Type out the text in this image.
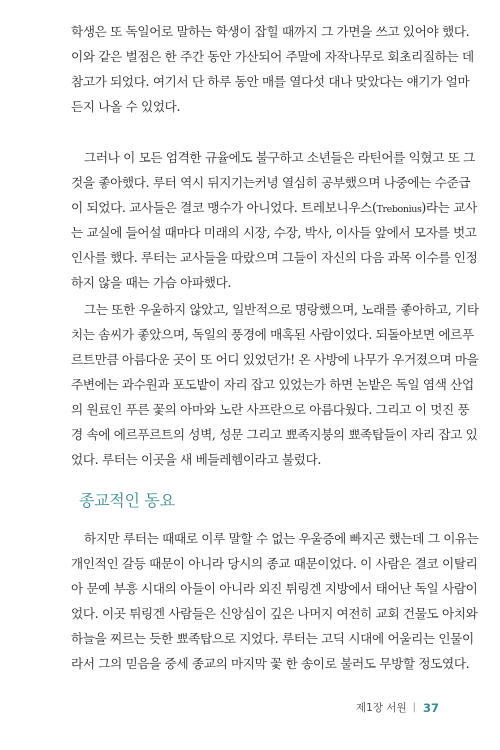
학생은 또 독일어로 말하는 학생이 잡힐 때까지 그 가면을 쓰고 있어야 했다.
이와 같은 벌점은 한 주간 동안 가산되어 주말에 자작나무로 회초리질하는 데
참고가 되었다. 여기서 단 하루 동안 매를 열다섯 대나 맞았다는 얘기가 얼마
든지 나올 수 있었다.
그러나 이 모든 엄격한 규율에도 불구하고 소년들은 라틴어를 익혔고 또 그
것을 좋아했다. 루터 역시 뒤지기는커녕 열심히 공부했으며 나중에는 수준급
이 되었다. 교사들은 결코 맹수가 아니었다. 트레보니우스(Trebonius)라는 교사
는 교실에 들어설 때마다 미래의 시장, 수장, 박사, 이사들 앞에서 모자를 벗고
인사를 했다. 루터는 교사들을 따랐으며 그들이 자신의 다음 과목 이수를 인정
하지 않을 때는 가슴 아파했다.
그는 또한 우울하지 않았고, 일반적으로 명랑했으며, 노래를 좋아하고, 기타
치는 솜씨가 좋았으며, 독일의 풍경에 매혹된 사람이었다. 되돌아보면 에르푸
르트만큼 아름다운 곳이 또 어디 있었던가! 온 사방에 나무가 우거졌으며 마을
주변에는 과수원과 포도밭이 자리 잡고 있었는가 하면 논밭은 독일 염색 산업
의 원료인 푸른 꽃의 아마와 노란 사프란으로 아름다웠다. 그리고 이 멋진 풍
경 속에 에르푸르트의 성벽, 성문 그리고 뾰족지붕의 뾰족탑들이 자리 잡고 있
었다. 루터는 이곳을 새 베들레헴이라고 불렀다.
종교적인 동요
하지만 루터는 때때로 이루 말할 수 없는 우울증에 빠지곤 했는데 그 이유는
개인적인 갈등 때문이 아니라 당시의 종교 때문이었다. 이 사람은 결코 이탈리
아 문예 부흥 시대의 아들이 아니라 외진 튀링겐 지방에서 태어난 독일 사람이
었다. 이곳 튀링겐 사람들은 신앙심이 깊은 나머지 여전히 교회 건물도 아치와
하늘을 찌르는 듯한 뾰족탑으로 지었다. 루터는 고딕 시대에 어울리는 인물이
라서 그의 믿음을 중세 종교의 마지막 꽃 한 송이로 불러도 무방할 정도였다.
제1장 서원 | 37
